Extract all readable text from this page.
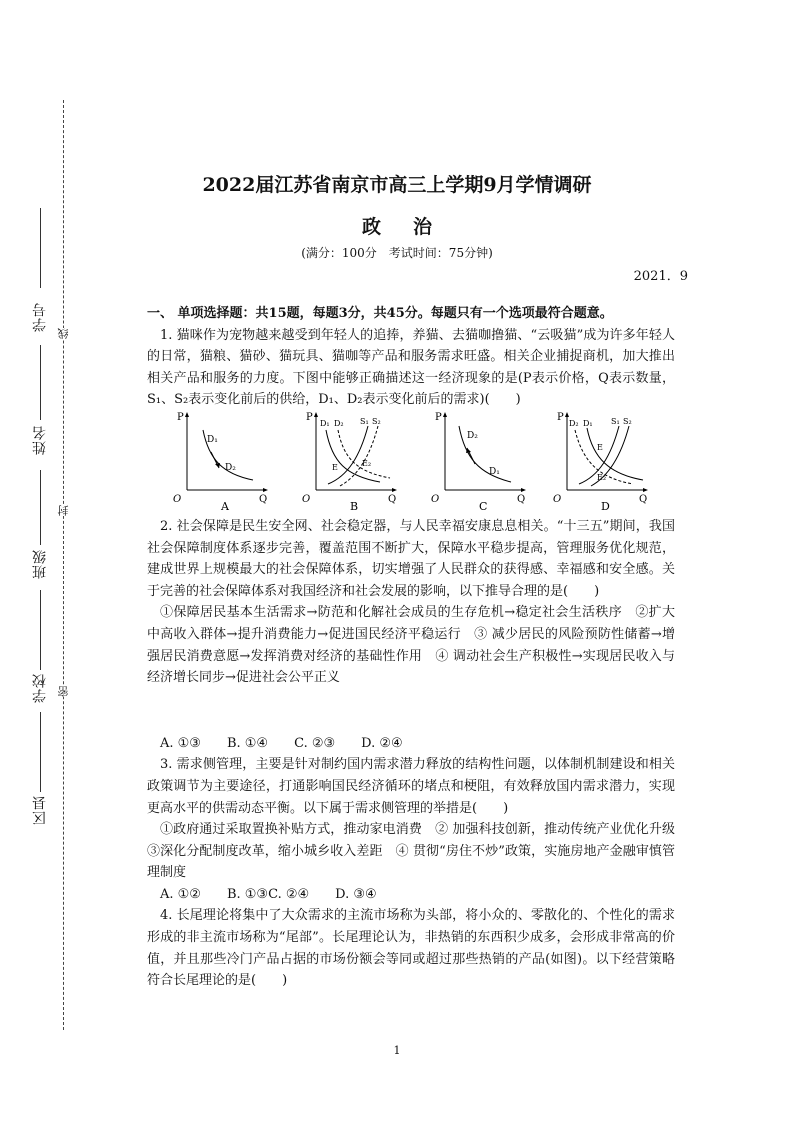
学号
姓名
班级
学校
区县
线
封
密
2022届江苏省南京市高三上学期9月学情调研
政治
(满分：100分　考试时间：75分钟)
2021．9

一、 单项选择题：共15题，每题3分，共45分。每题只有一个选项最符合题意。

1. 猫咪作为宠物越来越受到年轻人的追捧，养猫、去猫咖撸猫、“云吸猫”成为许多年轻人的日常，猫粮、猫砂、猫玩具、猫咖等产品和服务需求旺盛。相关企业捕捉商机，加大推出相关产品和服务的力度。下图中能够正确描述这一经济现象的是(P表示价格，Q表示数量，S₁、S₂表示变化前后的供给，D₁、D₂表示变化前后的需求)(　　)

P
Q
O
D₁
D₂
A
P
Q
O
D₁ D₂ S₁ S₂
E	E₂
B
P
Q
O
D₂
D₁
C
P
Q
O
D₂ D₁ S₁ S₂
E
E₂
D

2. 社会保障是民生安全网、社会稳定器，与人民幸福安康息息相关。“十三五”期间，我国社会保障制度体系逐步完善，覆盖范围不断扩大，保障水平稳步提高，管理服务优化规范，建成世界上规模最大的社会保障体系，切实增强了人民群众的获得感、幸福感和安全感。关于完善的社会保障体系对我国经济和社会发展的影响，以下推导合理的是(　　)

①保障居民基本生活需求→防范和化解社会成员的生存危机→稳定社会生活秩序　②扩大中高收入群体→提升消费能力→促进国民经济平稳运行　③ 减少居民的风险预防性储蓄→增强居民消费意愿→发挥消费对经济的基础性作用　④ 调动社会生产积极性→实现居民收入与经济增长同步→促进社会公平正义

A. ①③　　B. ①④　　C. ②③　　D. ②④

3. 需求侧管理，主要是针对制约国内需求潜力释放的结构性问题，以体制机制建设和相关政策调节为主要途径，打通影响国民经济循环的堵点和梗阻，有效释放国内需求潜力，实现更高水平的供需动态平衡。以下属于需求侧管理的举措是(　　)

①政府通过采取置换补贴方式，推动家电消费　② 加强科技创新，推动传统产业优化升级　③深化分配制度改革，缩小城乡收入差距　④ 贯彻“房住不炒”政策，实施房地产金融审慎管理制度

A. ①②　　B. ①③C. ②④　　D. ③④

4. 长尾理论将集中了大众需求的主流市场称为头部，将小众的、零散化的、个性化的需求形成的非主流市场称为“尾部”。长尾理论认为，非热销的东西积少成多，会形成非常高的价值，并且那些冷门产品占据的市场份额会等同或超过那些热销的产品(如图)。以下经营策略符合长尾理论的是(　　)

1
